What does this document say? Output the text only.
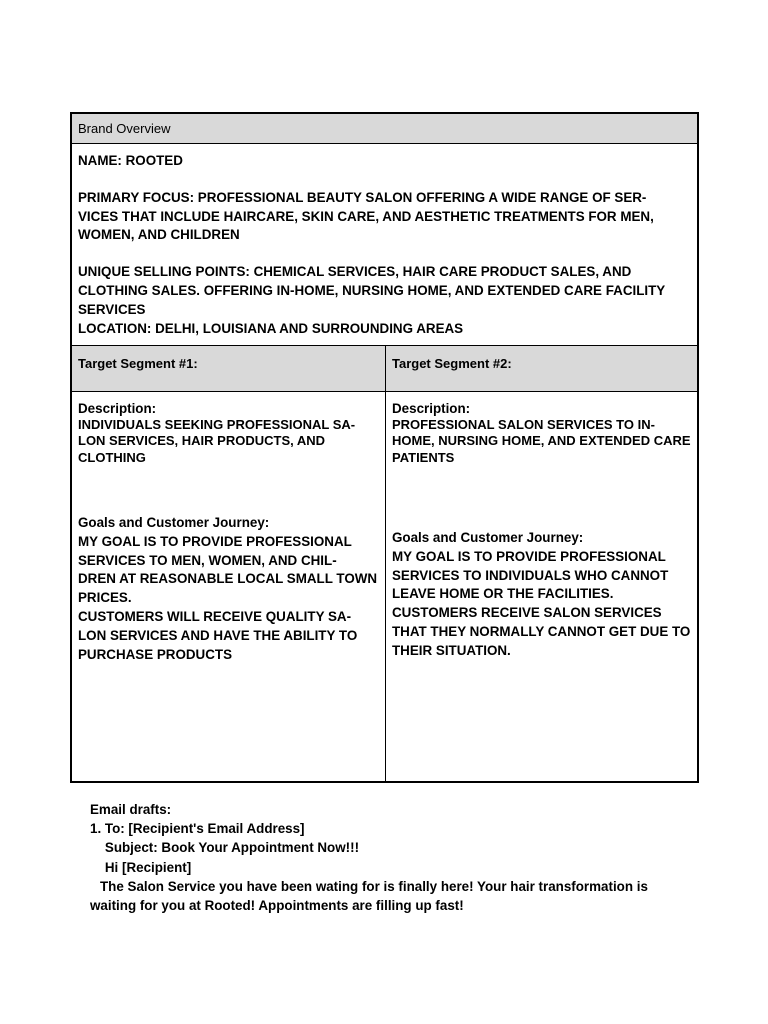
Brand Overview

NAME: ROOTED

PRIMARY FOCUS: PROFESSIONAL BEAUTY SALON OFFERING A WIDE RANGE OF SER- VICES THAT INCLUDE HAIRCARE, SKIN CARE, AND AESTHETIC TREATMENTS FOR MEN, WOMEN, AND CHILDREN

UNIQUE SELLING POINTS: CHEMICAL SERVICES, HAIR CARE PRODUCT SALES, AND CLOTHING SALES. OFFERING IN-HOME, NURSING HOME, AND EXTENDED CARE FACILITY SERVICES

LOCATION: DELHI, LOUISIANA AND SURROUNDING AREAS

Target Segment #1:	Target Segment #2:
Description:
INDIVIDUALS SEEKING PROFESSIONAL SA- LON SERVICES, HAIR PRODUCTS, AND CLOTHING
Description:
PROFESSIONAL SALON SERVICES TO IN- HOME, NURSING HOME, AND EXTENDED CARE PATIENTS
Goals and Customer Journey:
MY GOAL IS TO PROVIDE PROFESSIONAL SERVICES TO MEN, WOMEN, AND CHIL- DREN AT REASONABLE LOCAL SMALL TOWN PRICES.
CUSTOMERS WILL RECEIVE QUALITY SA- LON SERVICES AND HAVE THE ABILITY TO PURCHASE PRODUCTS
Goals and Customer Journey:
MY GOAL IS TO PROVIDE PROFESSIONAL SERVICES TO INDIVIDUALS WHO CANNOT LEAVE HOME OR THE FACILITIES.
CUSTOMERS RECEIVE SALON SERVICES THAT THEY NORMALLY CANNOT GET DUE TO THEIR SITUATION.
Email drafts:
1. To: [Recipient's Email Address]
Subject: Book Your Appointment Now!!!
Hi [Recipient]
The Salon Service you have been wating for is finally here! Your hair transformation is waiting for you at Rooted! Appointments are filling up fast!
